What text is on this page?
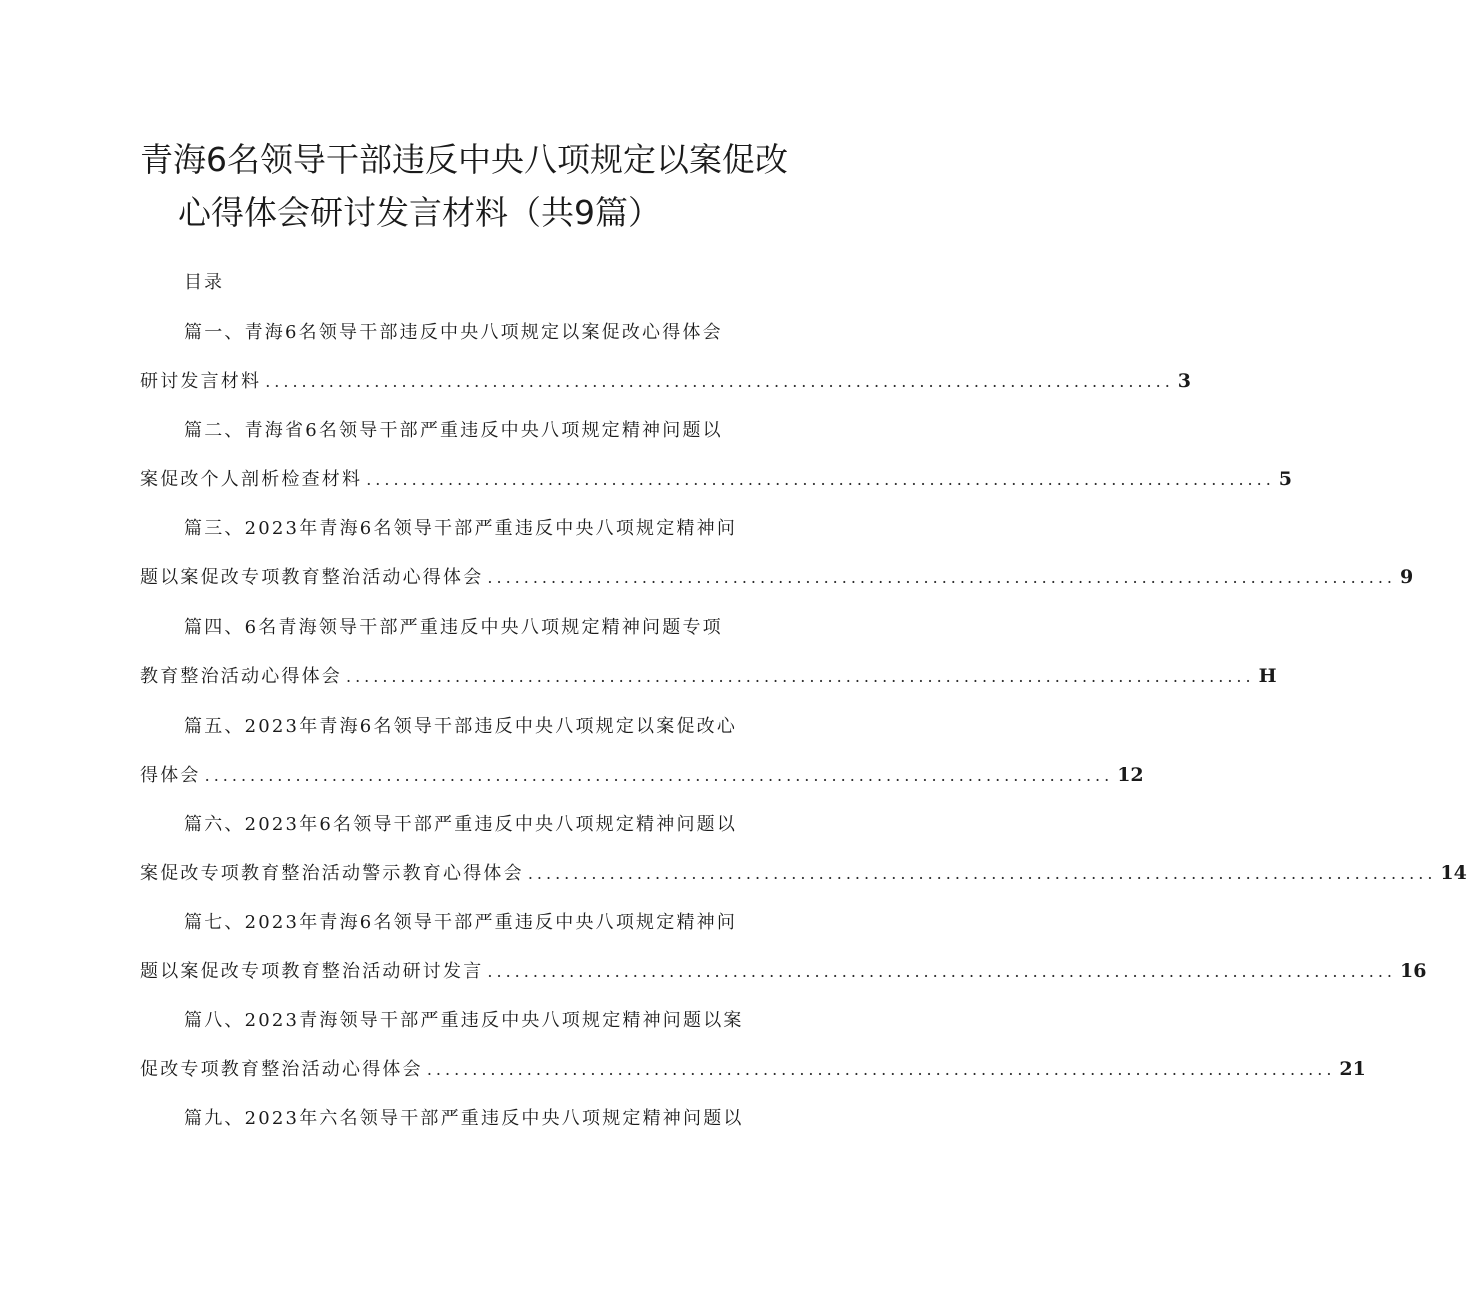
青海6名领导干部违反中央八项规定以案促改
心得体会研讨发言材料（共9篇）
目录
篇一、青海6名领导干部违反中央八项规定以案促改心得体会
研讨发言材料 .................................................................................................... 3
篇二、青海省6名领导干部严重违反中央八项规定精神问题以
案促改个人剖析检查材料 .................................................................................................... 5
篇三、2023年青海6名领导干部严重违反中央八项规定精神问
题以案促改专项教育整治活动心得体会 .................................................................................................... 9
篇四、6名青海领导干部严重违反中央八项规定精神问题专项
教育整治活动心得体会 .................................................................................................... H
篇五、2023年青海6名领导干部违反中央八项规定以案促改心
得体会 .................................................................................................... 12
篇六、2023年6名领导干部严重违反中央八项规定精神问题以
案促改专项教育整治活动警示教育心得体会 .................................................................................................... 14
篇七、2023年青海6名领导干部严重违反中央八项规定精神问
题以案促改专项教育整治活动研讨发言 .................................................................................................... 16
篇八、2023青海领导干部严重违反中央八项规定精神问题以案
促改专项教育整治活动心得体会 .................................................................................................... 21
篇九、2023年六名领导干部严重违反中央八项规定精神问题以
